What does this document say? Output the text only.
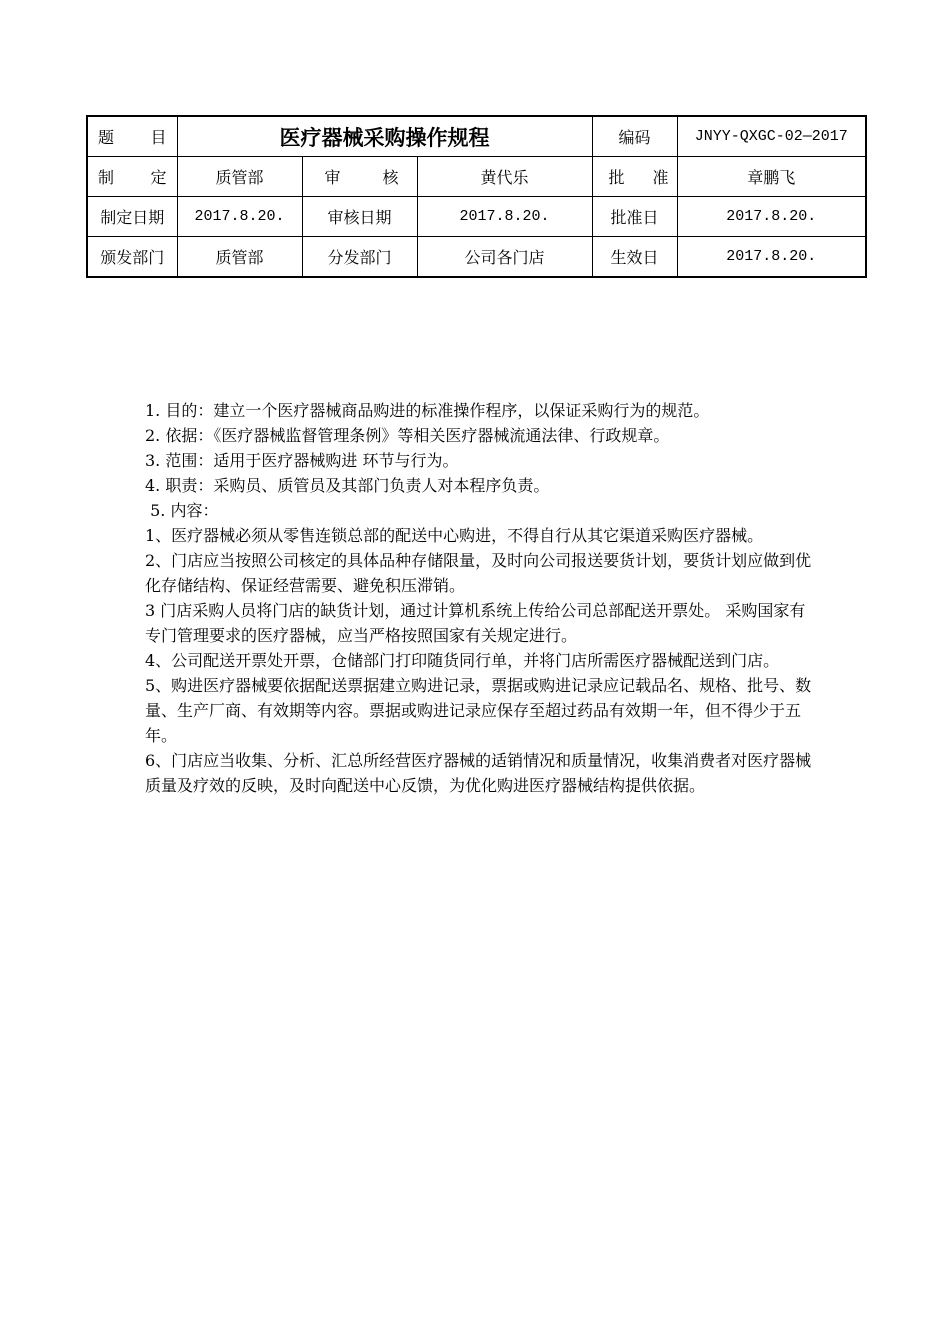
题 目	医疗器械采购操作规程			编码	JNYY-QXGC-02—2017

制 定	质管部	审 核	黄代乐	批 准	章鹏飞
制定日期	2017.8.20.	审核日期	2017.8.20.	批准日	2017.8.20.
颁发部门	质管部	分发部门	公司各门店	生效日	2017.8.20.

1. 目的：建立一个医疗器械商品购进的标准操作程序，以保证采购行为的规范。

2. 依据：《医疗器械监督管理条例》等相关医疗器械流通法律、行政规章。

3. 范围：适用于医疗器械购进 环节与行为。

4. 职责：采购员、质管员及其部门负责人对本程序负责。

5. 内容：

1、医疗器械必须从零售连锁总部的配送中心购进，不得自行从其它渠道采购医疗器械。

2、门店应当按照公司核定的具体品种存储限量，及时向公司报送要货计划，要货计划应做到优化存储结构、保证经营需要、避免积压滞销。

3 门店采购人员将门店的缺货计划，通过计算机系统上传给公司总部配送开票处。 采购国家有专门管理要求的医疗器械，应当严格按照国家有关规定进行。

4、公司配送开票处开票，仓储部门打印随货同行单，并将门店所需医疗器械配送到门店。

5、购进医疗器械要依据配送票据建立购进记录，票据或购进记录应记载品名、规格、批号、数量、生产厂商、有效期等内容。票据或购进记录应保存至超过药品有效期一年，但不得少于五年。

6、门店应当收集、分析、汇总所经营医疗器械的适销情况和质量情况，收集消费者对医疗器械质量及疗效的反映，及时向配送中心反馈，为优化购进医疗器械结构提供依据。
